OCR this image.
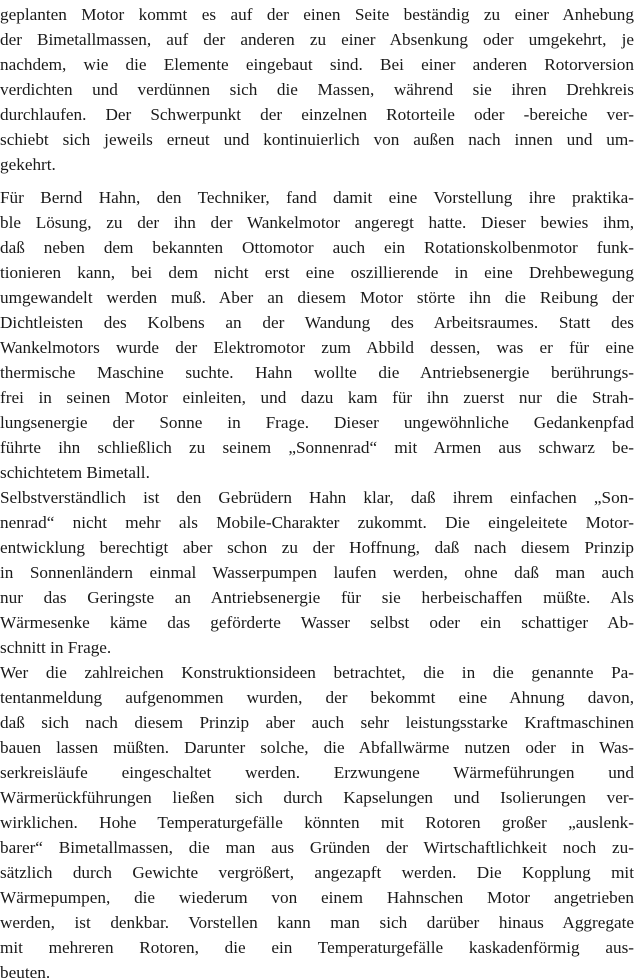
geplanten Motor kommt es auf der einen Seite beständig zu einer Anhebung
der Bimetallmassen, auf der anderen zu einer Absenkung oder umgekehrt, je
nachdem, wie die Elemente eingebaut sind. Bei einer anderen Rotorversion
verdichten und verdünnen sich die Massen, während sie ihren Drehkreis
durchlaufen. Der Schwerpunkt der einzelnen Rotorteile oder -bereiche ver-
schiebt sich jeweils erneut und kontinuierlich von außen nach innen und um-
gekehrt.
Für Bernd Hahn, den Techniker, fand damit eine Vorstellung ihre praktika-
ble Lösung, zu der ihn der Wankelmotor angeregt hatte. Dieser bewies ihm,
daß neben dem bekannten Ottomotor auch ein Rotationskolbenmotor funk-
tionieren kann, bei dem nicht erst eine oszillierende in eine Drehbewegung
umgewandelt werden muß. Aber an diesem Motor störte ihn die Reibung der
Dichtleisten des Kolbens an der Wandung des Arbeitsraumes. Statt des
Wankelmotors wurde der Elektromotor zum Abbild dessen, was er für eine
thermische Maschine suchte. Hahn wollte die Antriebsenergie berührungs-
frei in seinen Motor einleiten, und dazu kam für ihn zuerst nur die Strah-
lungsenergie der Sonne in Frage. Dieser ungewöhnliche Gedankenpfad
führte ihn schließlich zu seinem „Sonnenrad“ mit Armen aus schwarz be-
schichtetem Bimetall.
Selbstverständlich ist den Gebrüdern Hahn klar, daß ihrem einfachen „Son-
nenrad“ nicht mehr als Mobile-Charakter zukommt. Die eingeleitete Motor-
entwicklung berechtigt aber schon zu der Hoffnung, daß nach diesem Prinzip
in Sonnenländern einmal Wasserpumpen laufen werden, ohne daß man auch
nur das Geringste an Antriebsenergie für sie herbeischaffen müßte. Als
Wärmesenke käme das geförderte Wasser selbst oder ein schattiger Ab-
schnitt in Frage.
Wer die zahlreichen Konstruktionsideen betrachtet, die in die genannte Pa-
tentanmeldung aufgenommen wurden, der bekommt eine Ahnung davon,
daß sich nach diesem Prinzip aber auch sehr leistungsstarke Kraftmaschinen
bauen lassen müßten. Darunter solche, die Abfallwärme nutzen oder in Was-
serkreisläufe eingeschaltet werden. Erzwungene Wärmeführungen und
Wärmerückführungen ließen sich durch Kapselungen und Isolierungen ver-
wirklichen. Hohe Temperaturgefälle könnten mit Rotoren großer „auslenk-
barer“ Bimetallmassen, die man aus Gründen der Wirtschaftlichkeit noch zu-
sätzlich durch Gewichte vergrößert, angezapft werden. Die Kopplung mit
Wärmepumpen, die wiederum von einem Hahnschen Motor angetrieben
werden, ist denkbar. Vorstellen kann man sich darüber hinaus Aggregate
mit mehreren Rotoren, die ein Temperaturgefälle kaskadenförmig aus-
beuten.
